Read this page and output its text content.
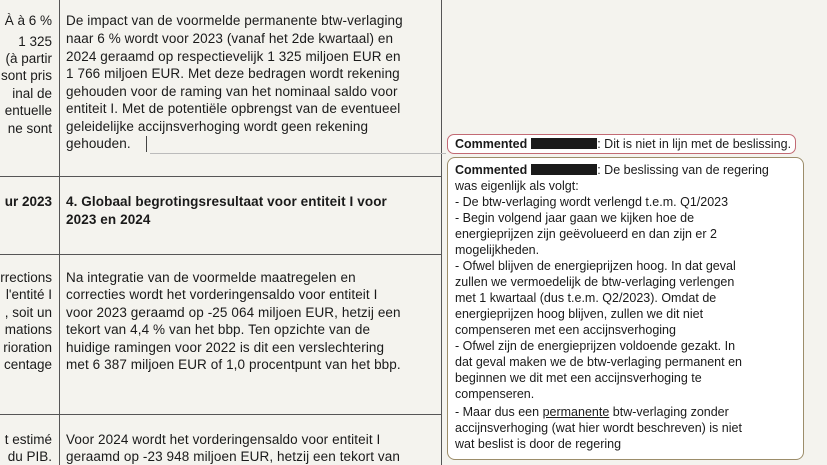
À à 6 %
1 325
(à partir
sont pris
inal de
entuelle
ne sont
ur 2023
rrections
l'entité I
, soit un
mations
rioration
centage
t estimé
du PIB.
De impact van de voormelde permanente btw-verlaging
naar 6 % wordt voor 2023 (vanaf het 2de kwartaal) en
2024 geraamd op respectievelijk 1 325 miljoen EUR en
1 766 miljoen EUR. Met deze bedragen wordt rekening
gehouden voor de raming van het nominaal saldo voor
entiteit I. Met de potentiële opbrengst van de eventueel
geleidelijke accijnsverhoging wordt geen rekening
gehouden.
4. Globaal begrotingsresultaat voor entiteit I voor
2023 en 2024
Na integratie van de voormelde maatregelen en
correcties wordt het vorderingensaldo voor entiteit I
voor 2023 geraamd op -25 064 miljoen EUR, hetzij een
tekort van 4,4 % van het bbp. Ten opzichte van de
huidige ramingen voor 2022 is dit een verslechtering
met 6 387 miljoen EUR of 1,0 procentpunt van het bbp.
Voor 2024 wordt het vorderingensaldo voor entiteit I
geraamd op -23 948 miljoen EUR, hetzij een tekort van
Commented	: Dit is niet in lijn met de beslissing.
Commented	: De beslissing van de regering
was eigenlijk als volgt:
- De btw-verlaging wordt verlengd t.e.m. Q1/2023
- Begin volgend jaar gaan we kijken hoe de
energieprijzen zijn geëvolueerd en dan zijn er 2
mogelijkheden.
- Ofwel blijven de energieprijzen hoog. In dat geval
zullen we vermoedelijk de btw-verlaging verlengen
met 1 kwartaal (dus t.e.m. Q2/2023). Omdat de
energieprijzen hoog blijven, zullen we dit niet
compenseren met een accijnsverhoging
- Ofwel zijn de energieprijzen voldoende gezakt. In
dat geval maken we de btw-verlaging permanent en
beginnen we dit met een accijnsverhoging te
compenseren.
- Maar dus een permanente btw-verlaging zonder
accijnsverhoging (wat hier wordt beschreven) is niet
wat beslist is door de regering
